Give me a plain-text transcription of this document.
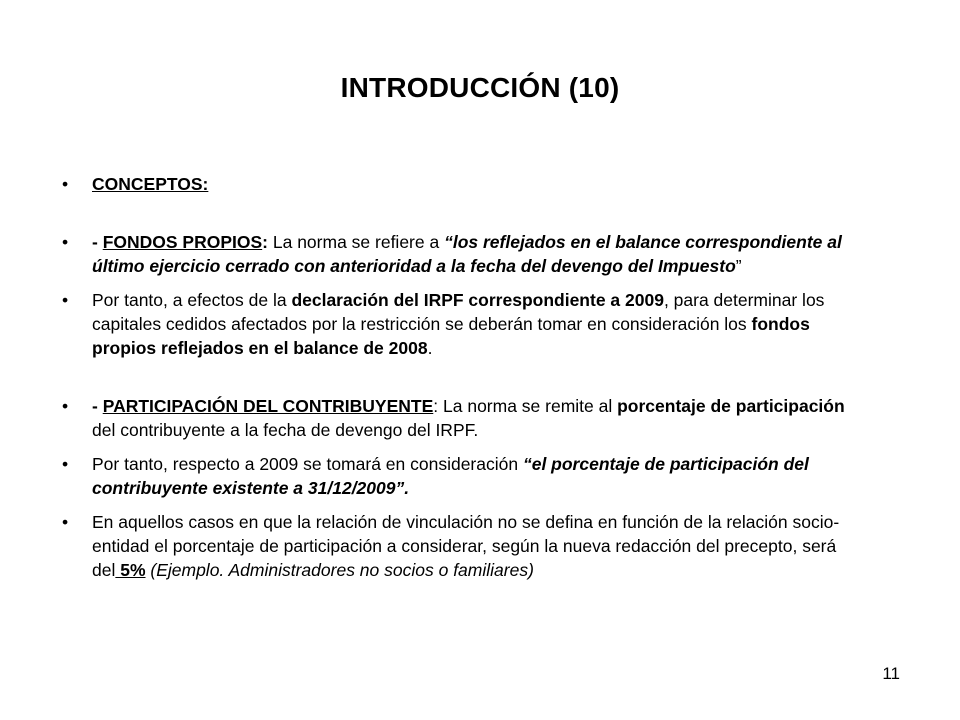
INTRODUCCIÓN (10)
•	CONCEPTOS:
•	- FONDOS PROPIOS: La norma se refiere a “los reflejados en el balance correspondiente al último ejercicio cerrado con anterioridad a la fecha del devengo del Impuesto”
•	Por tanto, a efectos de la declaración del IRPF correspondiente a 2009, para determinar los capitales cedidos afectados por la restricción se deberán tomar en consideración los fondos propios reflejados en el balance de 2008.
•	- PARTICIPACIÓN DEL CONTRIBUYENTE: La norma se remite al porcentaje de participación del contribuyente a la fecha de devengo del IRPF.
•	Por tanto, respecto a 2009 se tomará en consideración “el porcentaje de participación del contribuyente existente a 31/12/2009”.
•	En aquellos casos en que la relación de vinculación no se defina en función de la relación socio-entidad el porcentaje de participación a considerar, según la nueva redacción del precepto, será del 5% (Ejemplo. Administradores no socios o familiares)
11
